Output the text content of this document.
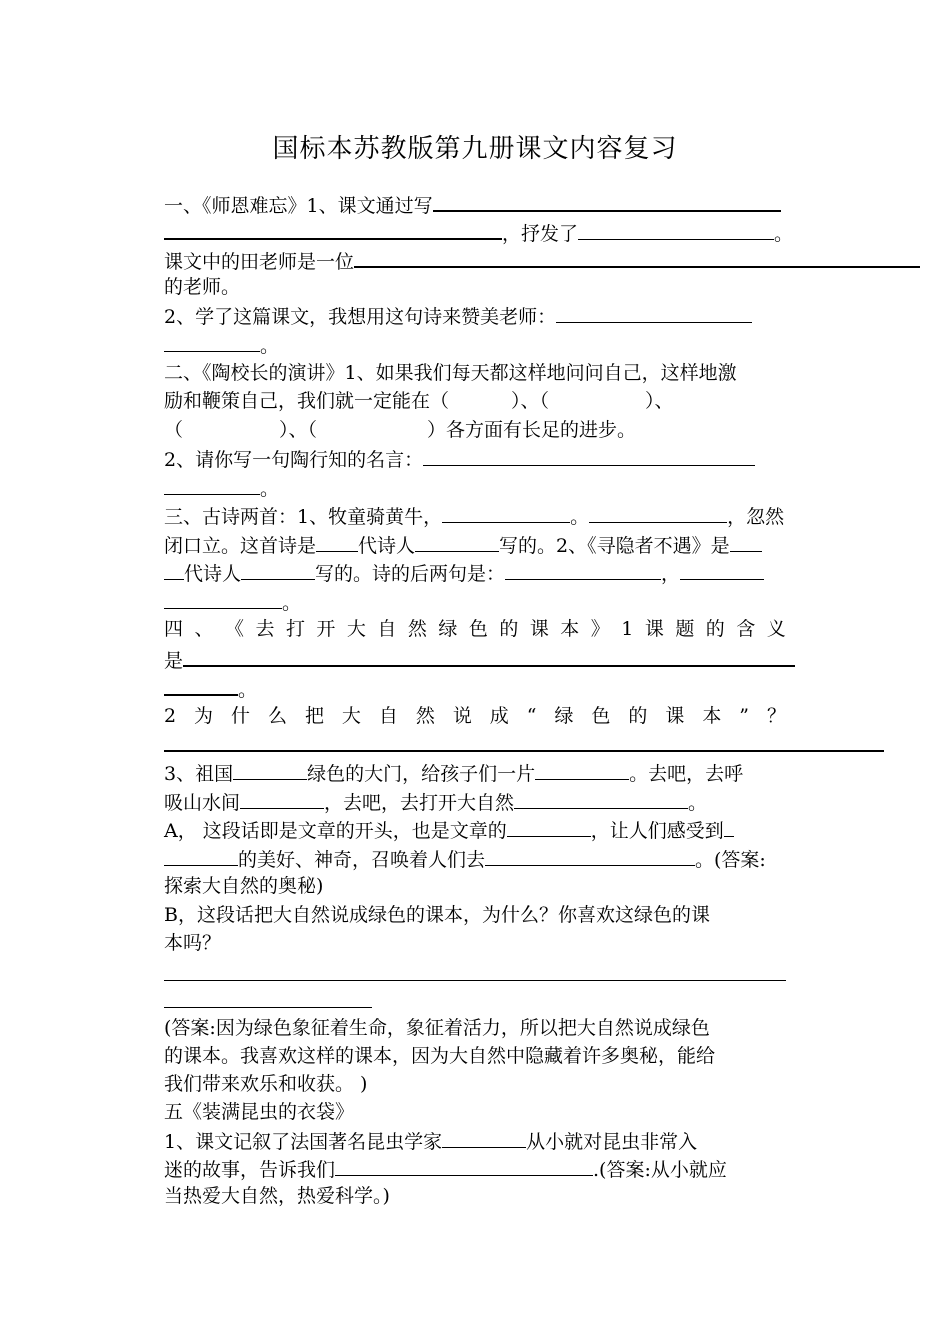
国标本苏教版第九册课文内容复习
一、《师恩难忘》1、课文通过写
，抒发了	。
课文中的田老师是一位
的老师。
2、学了这篇课文，我想用这句诗来赞美老师：
。
二、《陶校长的演讲》1、如果我们每天都这样地问问自己，这样地激
励和鞭策自己，我们就一定能在（	）、（	）、
（	）、（	）各方面有长足的进步。
2、请你写一句陶行知的名言：
。
三、古诗两首：1、牧童骑黄牛，	。	，忽然
闭口立。这首诗是 代诗人	写的。2、《寻隐者不遇》是
代诗人	写的。诗的后两句是：	，
。
四 、 《 去 打 开 大 自 然 绿 色 的 课 本 》 1 课 题 的 含 义
是
。
2 为 什 么 把 大 自 然 说 成 “ 绿 色 的 课 本 ” ？
3、祖国	绿色的大门，给孩子们一片	。去吧，去呼
吸山水间	，去吧，去打开大自然	。
A， 这段话即是文章的开头，也是文章的	，让人们感受到
的美好、神奇，召唤着人们去	。(答案:
探索大自然的奥秘)
B，这段话把大自然说成绿色的课本，为什么？你喜欢这绿色的课
本吗？
(答案:因为绿色象征着生命，象征着活力，所以把大自然说成绿色
的课本。我喜欢这样的课本，因为大自然中隐藏着许多奥秘，能给
我们带来欢乐和收获。 )
五《装满昆虫的衣袋》
1、课文记叙了法国著名昆虫学家	从小就对昆虫非常入
迷的故事，告诉我们	.(答案:从小就应
当热爱大自然，热爱科学。)
